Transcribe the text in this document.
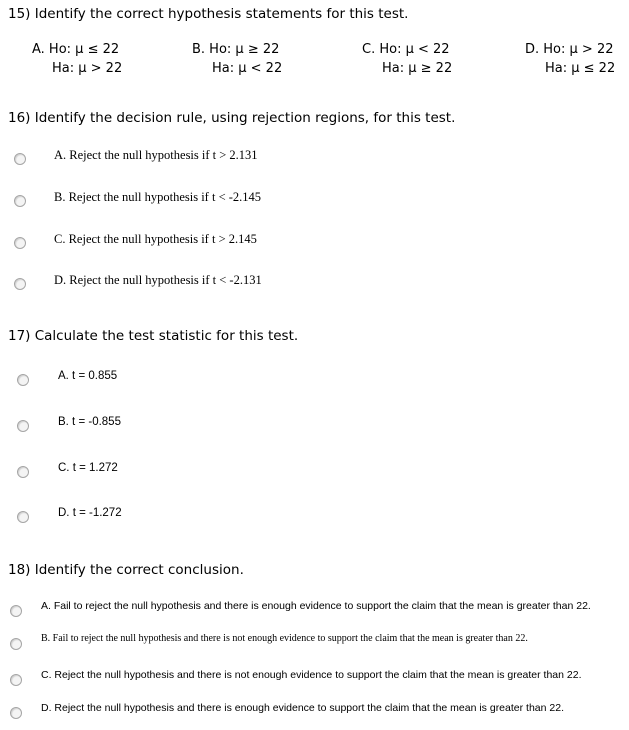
15) Identify the correct hypothesis statements for this test.
A. Ho: μ ≤ 22
Ha: μ > 22
B. Ho: μ ≥ 22
Ha: μ < 22
C. Ho: μ < 22
Ha: μ ≥ 22
D. Ho: μ > 22
Ha: μ ≤ 22
16) Identify the decision rule, using rejection regions, for this test.
A. Reject the null hypothesis if t > 2.131
B. Reject the null hypothesis if t < -2.145
C. Reject the null hypothesis if t > 2.145
D. Reject the null hypothesis if t < -2.131
17) Calculate the test statistic for this test.
A. t = 0.855
B. t = -0.855
C. t = 1.272
D. t = -1.272
18) Identify the correct conclusion.
A. Fail to reject the null hypothesis and there is enough evidence to support the claim that the mean is greater than 22.
B. Fail to reject the null hypothesis and there is not enough evidence to support the claim that the mean is greater than 22.
C. Reject the null hypothesis and there is not enough evidence to support the claim that the mean is greater than 22.
D. Reject the null hypothesis and there is enough evidence to support the claim that the mean is greater than 22.
